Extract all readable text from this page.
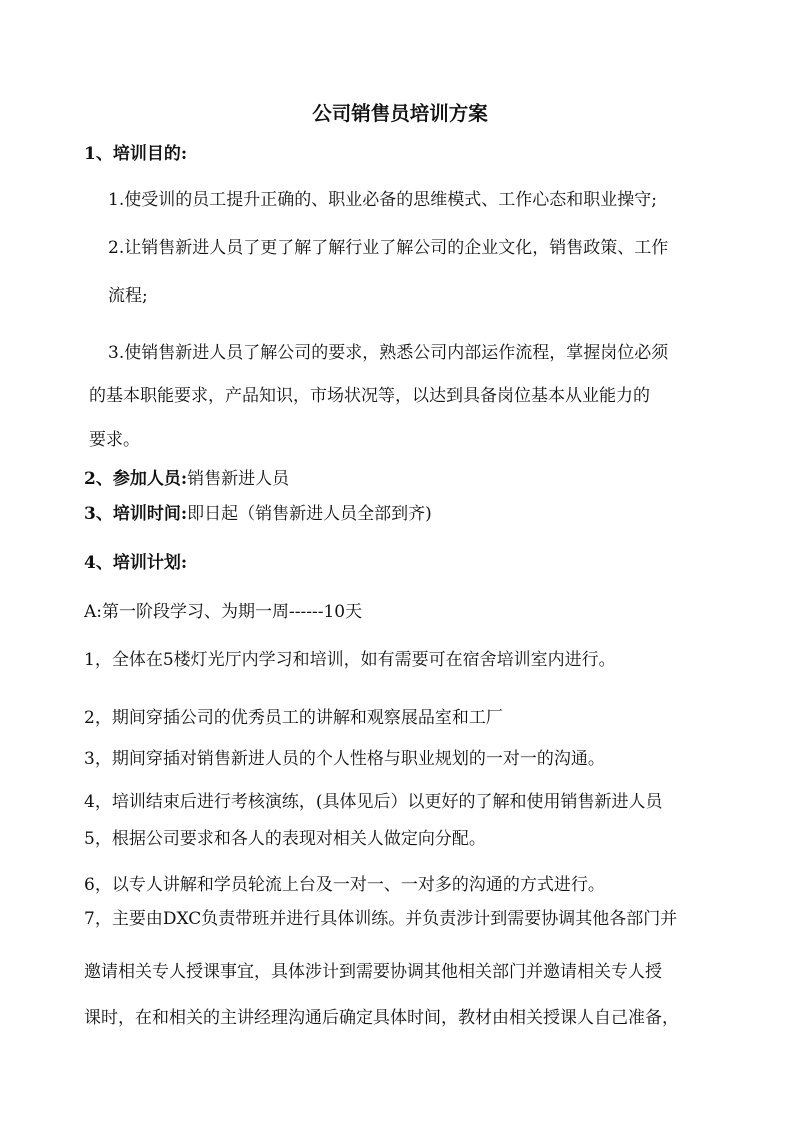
公司销售员培训方案
1、培训目的:
1.使受训的员工提升正确的、职业必备的思维模式、工作心态和职业操守;
2.让销售新进人员了更了解了解行业了解公司的企业文化，销售政策、工作
流程;
3.使销售新进人员了解公司的要求，熟悉公司内部运作流程，掌握岗位必须
的基本职能要求，产品知识，市场状况等，以达到具备岗位基本从业能力的
要求。
2、参加人员:销售新进人员
3、培训时间:即日起（销售新进人员全部到齐)
4、培训计划:
A:第一阶段学习、为期一周------10天
1，全体在5楼灯光厅内学习和培训，如有需要可在宿舍培训室内进行。
2，期间穿插公司的优秀员工的讲解和观察展品室和工厂
3，期间穿插对销售新进人员的个人性格与职业规划的一对一的沟通。
4，培训结束后进行考核演练，(具体见后）以更好的了解和使用销售新进人员
5，根据公司要求和各人的表现对相关人做定向分配。
6，以专人讲解和学员轮流上台及一对一、一对多的沟通的方式进行。
7，主要由DXC负责带班并进行具体训练。并负责涉计到需要协调其他各部门并
邀请相关专人授课事宜，具体涉计到需要协调其他相关部门并邀请相关专人授
课时，在和相关的主讲经理沟通后确定具体时间，教材由相关授课人自己准备，
